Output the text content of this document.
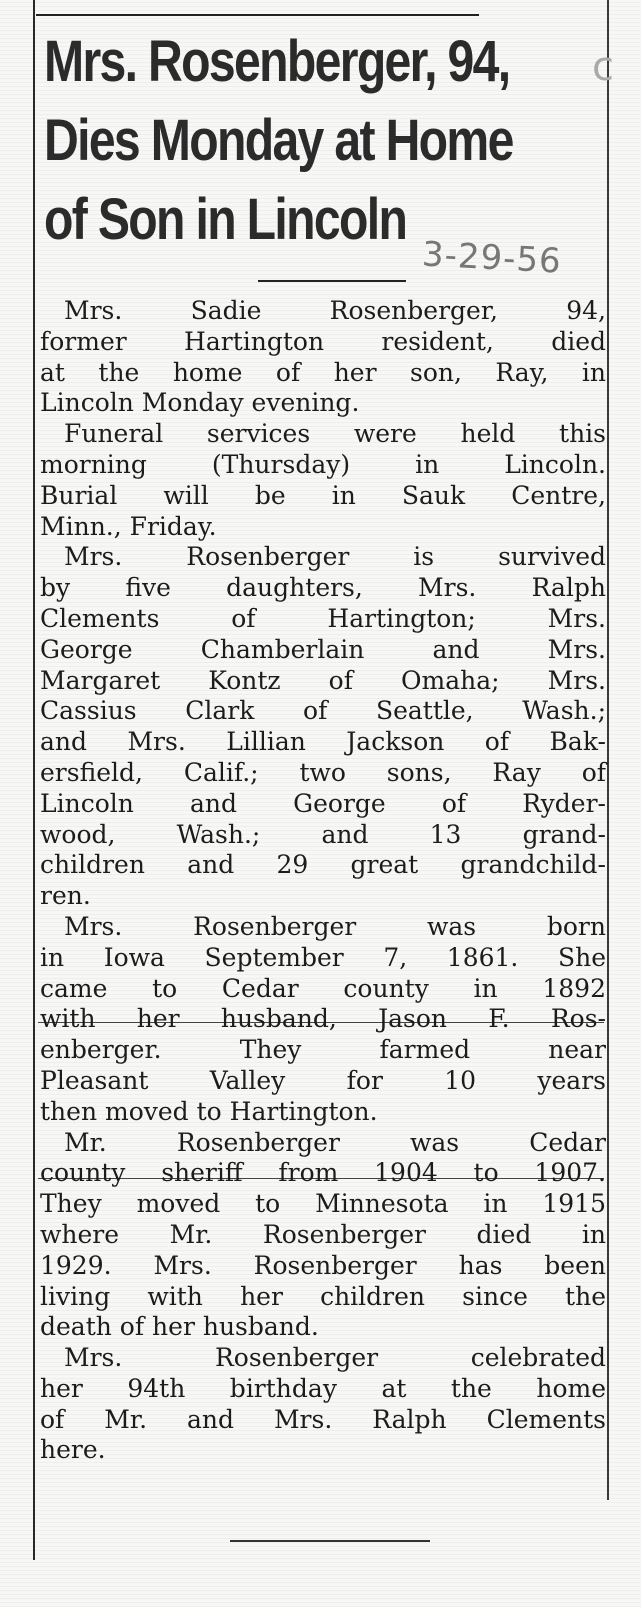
Mrs. Rosenberger, 94,
Dies Monday at Home
of Son in Lincoln
c
3-29-56
Mrs. Sadie Rosenberger, 94,
former Hartington resident, died
at the home of her son, Ray, in
Lincoln Monday evening.
Funeral services were held this
morning (Thursday) in Lincoln.
Burial will be in Sauk Centre,
Minn., Friday.
Mrs. Rosenberger is survived
by five daughters, Mrs. Ralph
Clements of Hartington; Mrs.
George Chamberlain and Mrs.
Margaret Kontz of Omaha; Mrs.
Cassius Clark of Seattle, Wash.;
and Mrs. Lillian Jackson of Bak-
ersfield, Calif.; two sons, Ray of
Lincoln and George of Ryder-
wood, Wash.; and 13 grand-
children and 29 great grandchild-
ren.
Mrs. Rosenberger was born
in Iowa September 7, 1861. She
came to Cedar county in 1892
with her husband, Jason F. Ros-
enberger. They farmed near
Pleasant Valley for 10 years
then moved to Hartington.
Mr. Rosenberger was Cedar
county sheriff from 1904 to 1907.
They moved to Minnesota in 1915
where Mr. Rosenberger died in
1929. Mrs. Rosenberger has been
living with her children since the
death of her husband.
Mrs. Rosenberger celebrated
her 94th birthday at the home
of Mr. and Mrs. Ralph Clements
here.
